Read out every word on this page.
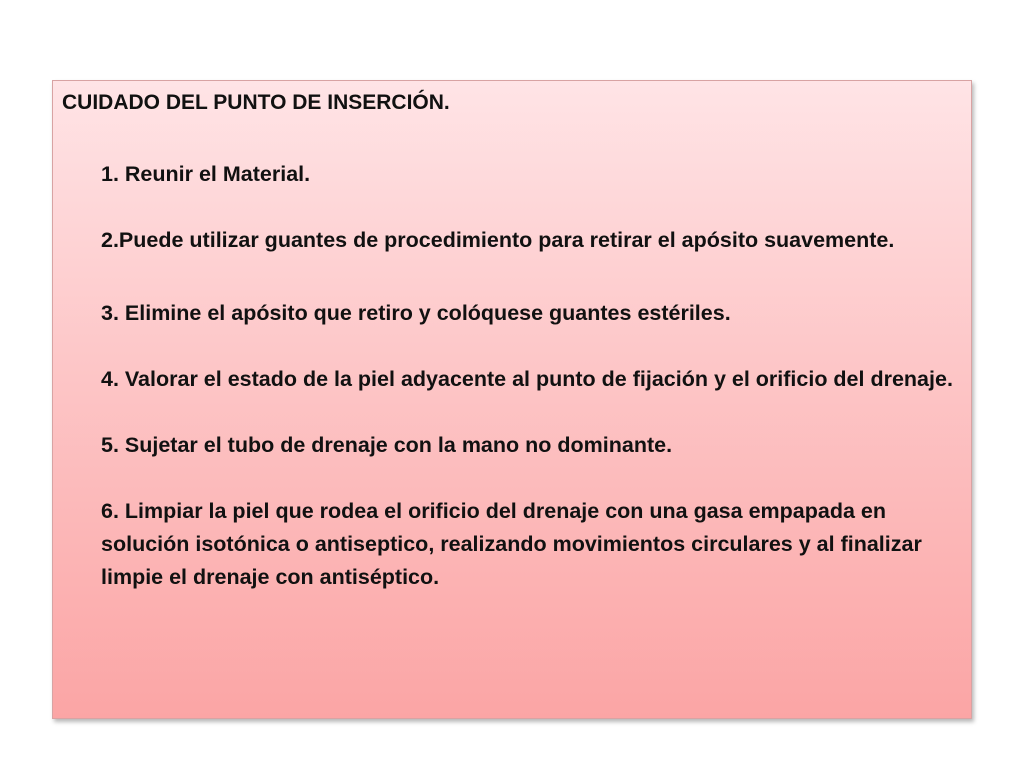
CUIDADO DEL PUNTO DE INSERCIÓN.
1. Reunir el Material.
2.Puede utilizar guantes de procedimiento para retirar el apósito suavemente.
3. Elimine el apósito que retiro y colóquese guantes estériles.
4. Valorar el estado de la piel adyacente al punto de fijación y el orificio del drenaje.
5. Sujetar el tubo de drenaje con la mano no dominante.
6. Limpiar la piel que rodea el orificio del drenaje con una gasa empapada en solución isotónica o antiseptico, realizando movimientos circulares y al finalizar limpie el drenaje con antiséptico.
